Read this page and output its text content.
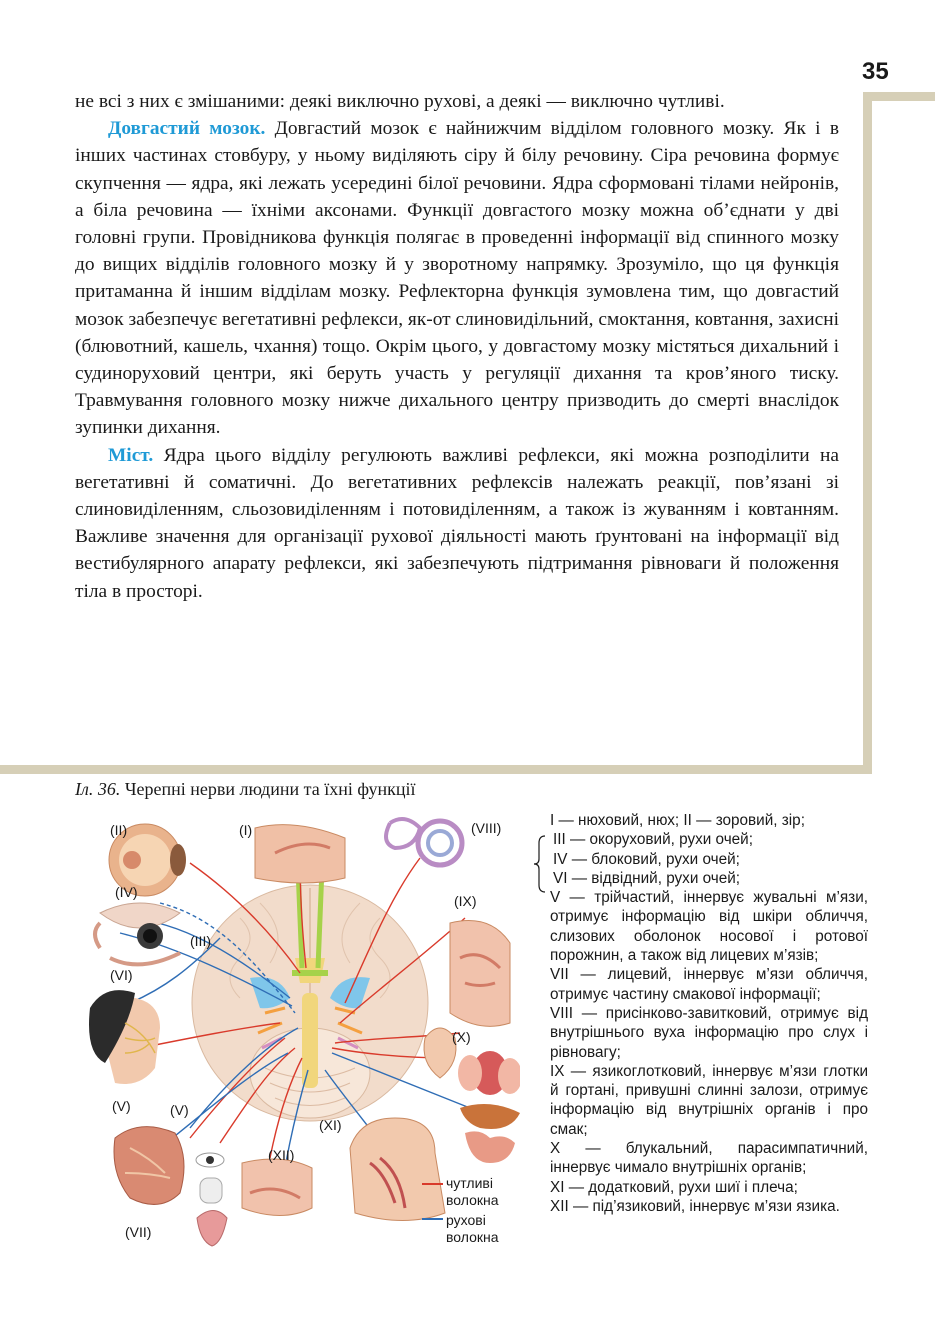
35

не всі з них є змішаними: деякі виключно рухові, а деякі — виключно чутливі.

Довгастий мозок. Довгастий мозок є найнижчим відділом головного мозку. Як і в інших частинах стовбуру, у ньому виділяють сіру й білу речовину. Сіра речовина формує скупчення — ядра, які лежать усередині білої речовини. Ядра сформовані тілами нейронів, а біла речовина — їхніми аксонами. Функції довгастого мозку можна об’єднати у дві головні групи. Провідникова функція полягає в проведенні інформації від спинного мозку до вищих відділів головного мозку й у зворотному напрямку. Зрозуміло, що ця функція притаманна й іншим відділам мозку. Рефлекторна функція зумовлена тим, що довгастий мозок забезпечує вегетативні рефлекси, як-от слиновидільний, смоктання, ковтання, захисні (блювотний, кашель, чхання) тощо. Окрім цього, у довгастому мозку містяться дихальний і судиноруховий центри, які беруть участь у регуляції дихання та кров’яного тиску. Травмування головного мозку нижче дихального центру призводить до смерті внаслідок зупинки дихання.

Міст. Ядра цього відділу регулюють важливі рефлекси, які можна розподілити на вегетативні й соматичні. До вегетативних рефлексів належать реакції, пов’язані зі слиновиділенням, сльозовиділенням і потовиділенням, а також із жуванням і ковтанням. Важливе значення для організації рухової діяльності мають ґрунтовані на інформації від вестибулярного апарату рефлекси, які забезпечують підтримання рівноваги й положення тіла в просторі.

Іл. 36. Черепні нерви людини та їхні функції
(II)	(I)	(VIII)
(IV)
(IX)
(III)
(VI)
(X)
(V)	(V)
(XI)
(XII)
(VII)
чутливі
волокна
рухові
волокна
I — нюховий, нюх; II — зоровий, зір;
III — окоруховий, рухи очей;
IV — блоковий, рухи очей;
VI — відвідний, рухи очей;
V — трійчастий, іннервує жувальні м’язи, отримує інформацію від шкіри обличчя, слизових оболонок носової і ротової порожнин, а також від лицевих м’язів;
VII — лицевий, іннервує м’язи обличчя, отримує частину смакової інформації;
VIII — присінково-завитковий, отримує від внутрішнього вуха інформацію про слух і рівновагу;
IX — язикоглотковий, іннервує м’язи глотки й гортані, привушні слинні залози, отримує інформацію від внутрішніх органів і про смак;
X — блукальний, парасимпатичний, іннервує чимало внутрішніх органів;
XI — додатковий, рухи шиї і плеча;
XII — під’язиковий, іннервує м’язи язика.
